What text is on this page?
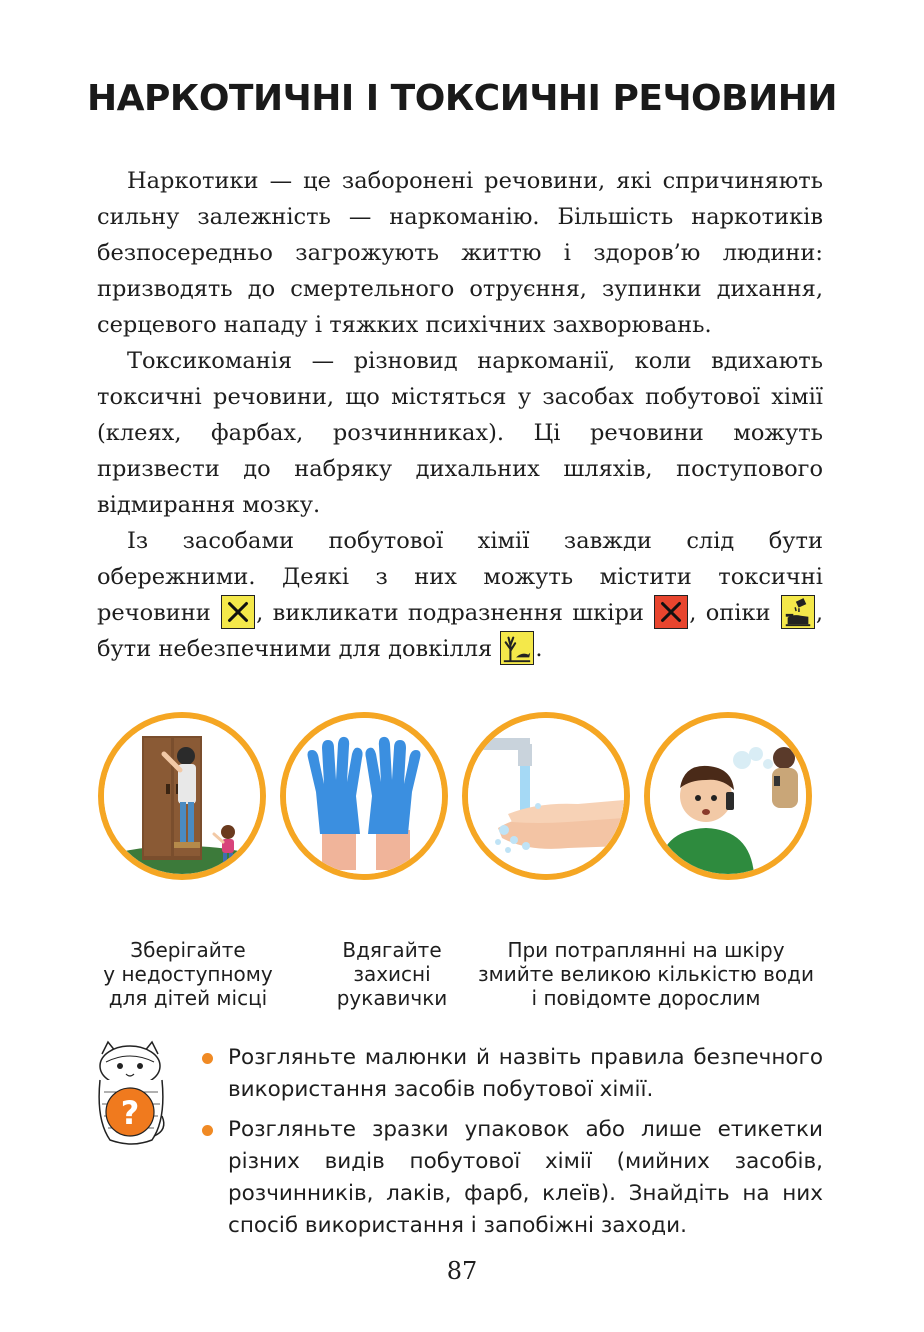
НАРКОТИЧНІ І ТОКСИЧНІ РЕЧОВИНИ

Наркотики — це заборонені речовини, які спричиняють сильну залежність — наркоманію. Більшість наркотиків безпосередньо загрожують життю і здоров’ю людини: призводять до смертельного отруєння, зупинки дихання, серцевого нападу і тяжких психічних захворювань.

Токсикоманія — різновид наркоманії, коли вдихають токсичні речовини, що містяться у засобах побутової хімії (клеях, фарбах, розчинниках). Ці речовини можуть призвести до набряку дихальних шляхів, поступового відмирання мозку.

Із засобами побутової хімії завжди слід бути обережними. Деякі з них можуть містити токсичні речовини , викликати подразнення шкіри , опіки , бути небезпечними для довкілля .

Зберігайте
у недоступному
для дітей місці
Вдягайте
захисні
рукавички
При потраплянні на шкіру
змийте великою кількістю води
і повідомте дорослим
?
Розгляньте малюнки й назвіть правила безпечного використання засобів побутової хімії.
Розгляньте зразки упаковок або лише етикетки різних видів побутової хімії (мийних засобів, розчинників, лаків, фарб, клеїв). Знайдіть на них спосіб використання і запобіжні заходи.
87
